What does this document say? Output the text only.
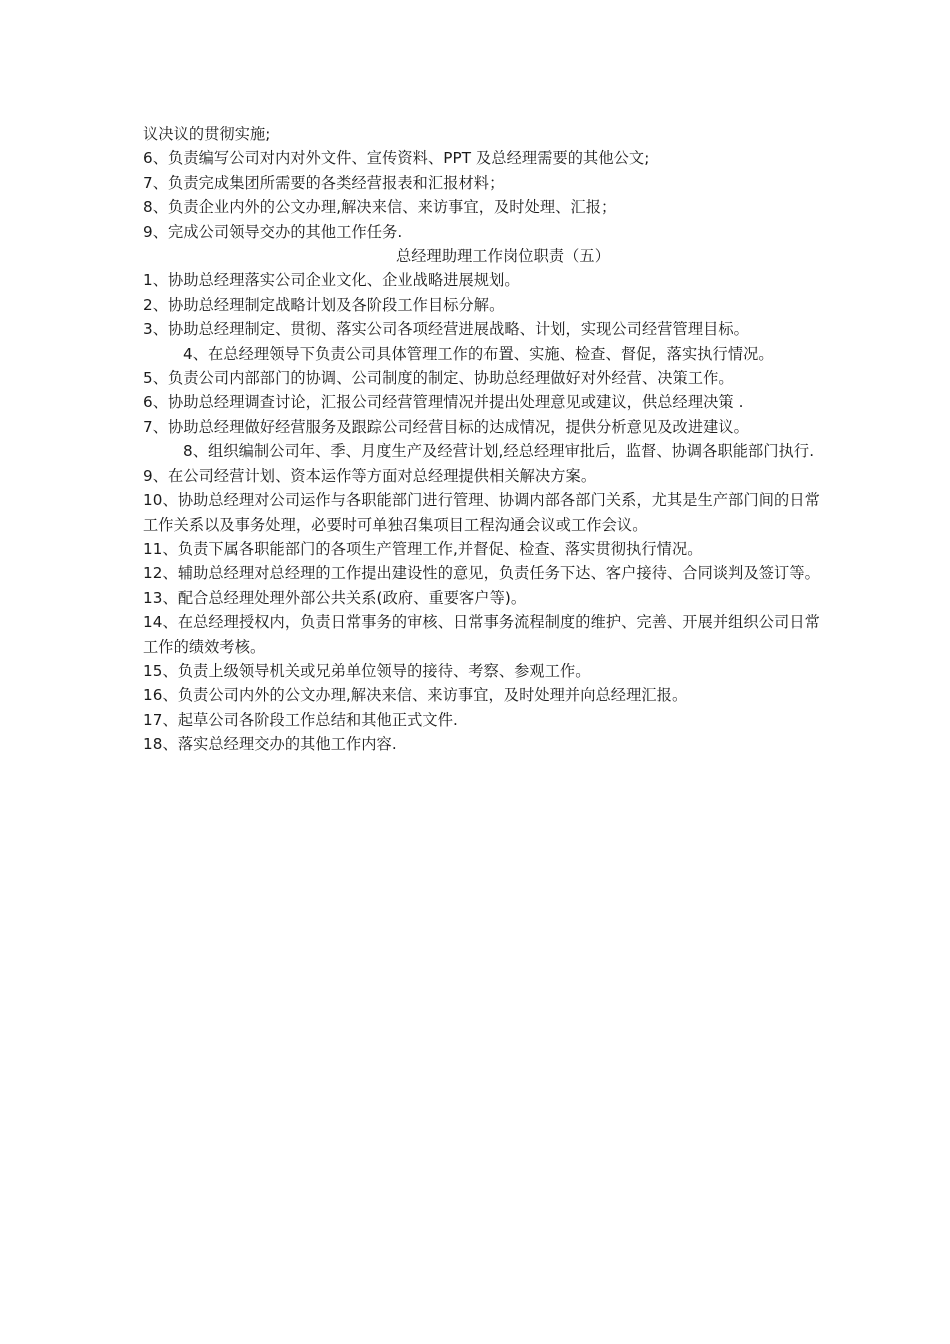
议决议的贯彻实施;
6、负责编写公司对内对外文件、宣传资料、PPT 及总经理需要的其他公文;
7、负责完成集团所需要的各类经营报表和汇报材料；
8、负责企业内外的公文办理,解决来信、来访事宜，及时处理、汇报；
9、完成公司领导交办的其他工作任务.
总经理助理工作岗位职责（五）
1、协助总经理落实公司企业文化、企业战略进展规划。
2、协助总经理制定战略计划及各阶段工作目标分解。
3、协助总经理制定、贯彻、落实公司各项经营进展战略、计划，实现公司经营管理目标。
4、在总经理领导下负责公司具体管理工作的布置、实施、检查、督促，落实执行情况。
5、负责公司内部部门的协调、公司制度的制定、协助总经理做好对外经营、决策工作。
6、协助总经理调查讨论，汇报公司经营管理情况并提出处理意见或建议，供总经理决策 .
7、协助总经理做好经营服务及跟踪公司经营目标的达成情况，提供分析意见及改进建议。
8、组织编制公司年、季、月度生产及经营计划,经总经理审批后，监督、协调各职能部门执行.
9、在公司经营计划、资本运作等方面对总经理提供相关解决方案。
10、协助总经理对公司运作与各职能部门进行管理、协调内部各部门关系，尤其是生产部门间的日常工作关系以及事务处理，必要时可单独召集项目工程沟通会议或工作会议。
11、负责下属各职能部门的各项生产管理工作,并督促、检查、落实贯彻执行情况。
12、辅助总经理对总经理的工作提出建设性的意见，负责任务下达、客户接待、合同谈判及签订等。
13、配合总经理处理外部公共关系(政府、重要客户等)。
14、在总经理授权内，负责日常事务的审核、日常事务流程制度的维护、完善、开展并组织公司日常工作的绩效考核。
15、负责上级领导机关或兄弟单位领导的接待、考察、参观工作。
16、负责公司内外的公文办理,解决来信、来访事宜，及时处理并向总经理汇报。
17、起草公司各阶段工作总结和其他正式文件.
18、落实总经理交办的其他工作内容.
